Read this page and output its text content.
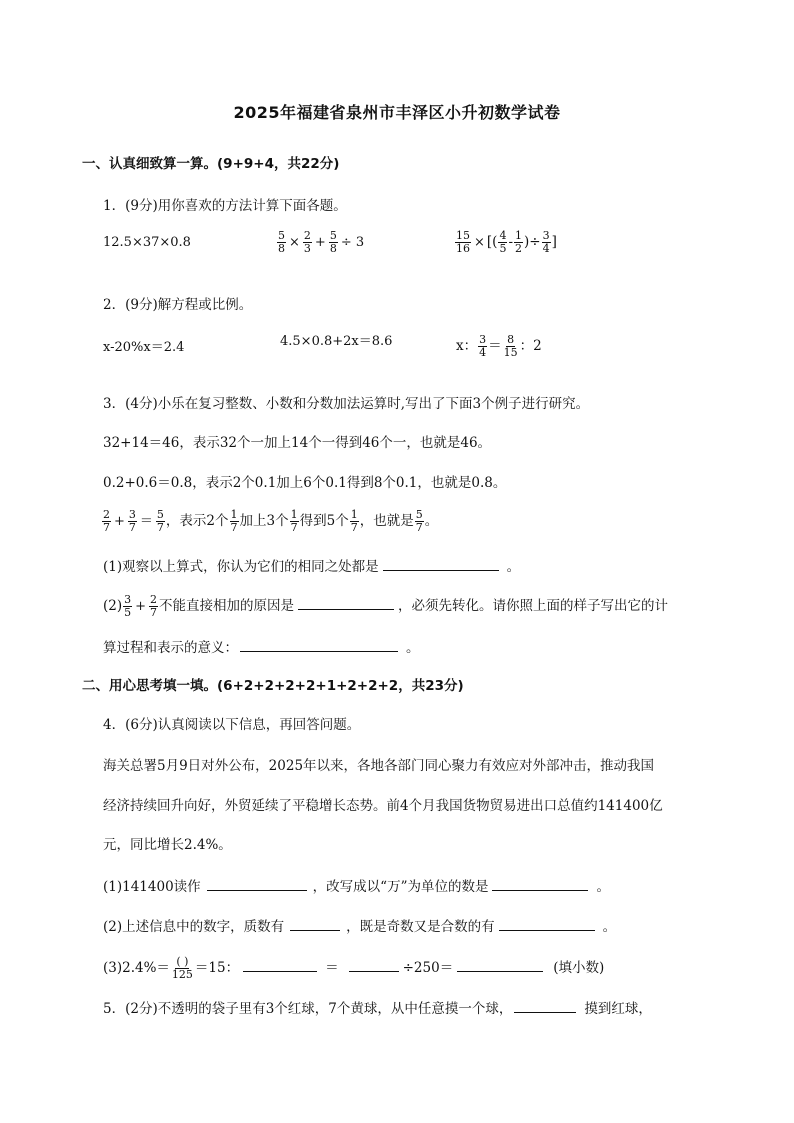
2025年福建省泉州市丰泽区小升初数学试卷
一、认真细致算一算。(9+9+4，共22分)
1．(9分)用你喜欢的方法计算下面各题。
12.5×37×0.8	$\frac{5}{8} \times \frac{2}{3} + \frac{5}{8} \div 3$	$\frac{15}{16}$ × [( $\frac{4}{5} - \frac{1}{2}$ )÷ $\frac{3}{4}$ ]
2．(9分)解方程或比例。
x-20%x＝2.4	4.5×0.8+2x＝8.6	x： $\frac{3}{4} = \frac{8}{15}$ ：2
3．(4分)小乐在复习整数、小数和分数加法运算时,写出了下面3个例子进行研究。
32+14＝46，表示32个一加上14个一得到46个一，也就是46。
0.2+0.6＝0.8，表示2个0.1加上6个0.1得到8个0.1，也就是0.8。
$\frac{2}{7} + \frac{3}{7} = \frac{5}{7}$ ，表示2个 $\frac{1}{7}$ 加上3个 $\frac{1}{7}$ 得到5个 $\frac{1}{7}$ ，也就是 $\frac{5}{7}$ 。
(1)观察以上算式，你认为它们的相同之处都是	。
$(2) \frac{3}{5} + \frac{2}{7}$ 不能直接相加的原因是	，必须先转化。请你照上面的样子写出它的计
算过程和表示的意义：	。
二、用心思考填一填。(6+2+2+2+2+1+2+2+2，共23分)
4．(6分)认真阅读以下信息，再回答问题。
海关总署5月9日对外公布，2025年以来，各地各部门同心聚力有效应对外部冲击，推动我国
经济持续回升向好，外贸延续了平稳增长态势。前4个月我国货物贸易进出口总值约141400亿
元，同比增长2.4%。
(1)141400读作	，改写成以“万”为单位的数是	。
(2)上述信息中的数字，质数有	，既是奇数又是合数的有	。
$(3)2.4\%= \frac{( )}{125} =15$：	＝	÷250＝	(填小数)
5．(2分)不透明的袋子里有3个红球，7个黄球，从中任意摸一个球，	摸到红球，
